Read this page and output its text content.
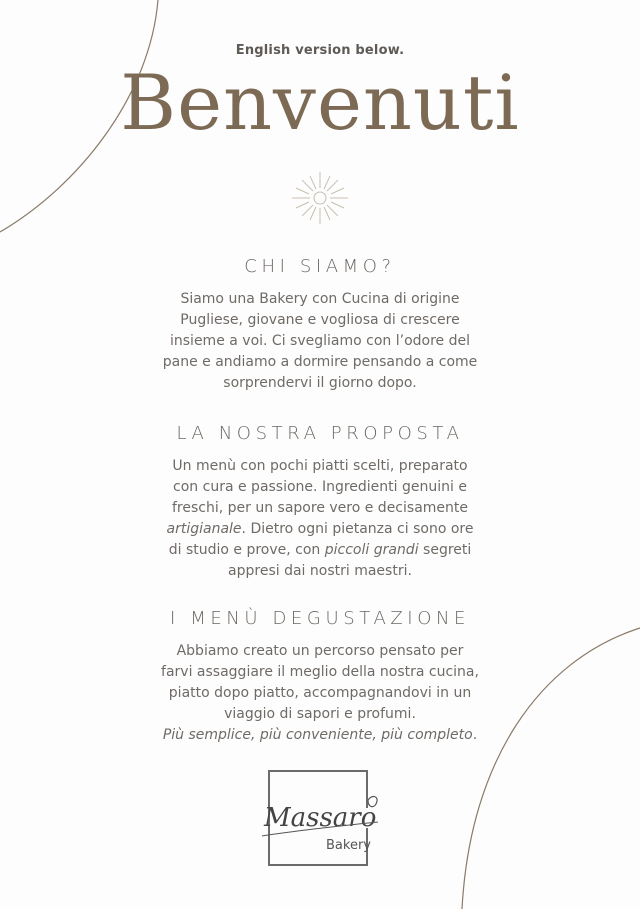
English version below.
Benvenuti
CHI SIAMO?
Siamo una Bakery con Cucina di origine
Pugliese, giovane e vogliosa di crescere
insieme a voi. Ci svegliamo con l’odore del
pane e andiamo a dormire pensando a come
sorprendervi il giorno dopo.
LA NOSTRA PROPOSTA
Un menù con pochi piatti scelti, preparato
con cura e passione. Ingredienti genuini e
freschi, per un sapore vero e decisamente
artigianale. Dietro ogni pietanza ci sono ore
di studio e prove, con piccoli grandi segreti
appresi dai nostri maestri.
I MENÙ DEGUSTAZIONE
Abbiamo creato un percorso pensato per
farvi assaggiare il meglio della nostra cucina,
piatto dopo piatto, accompagnandovi in un
viaggio di sapori e profumi.
Più semplice, più conveniente, più completo.
Massaro
Bakery
